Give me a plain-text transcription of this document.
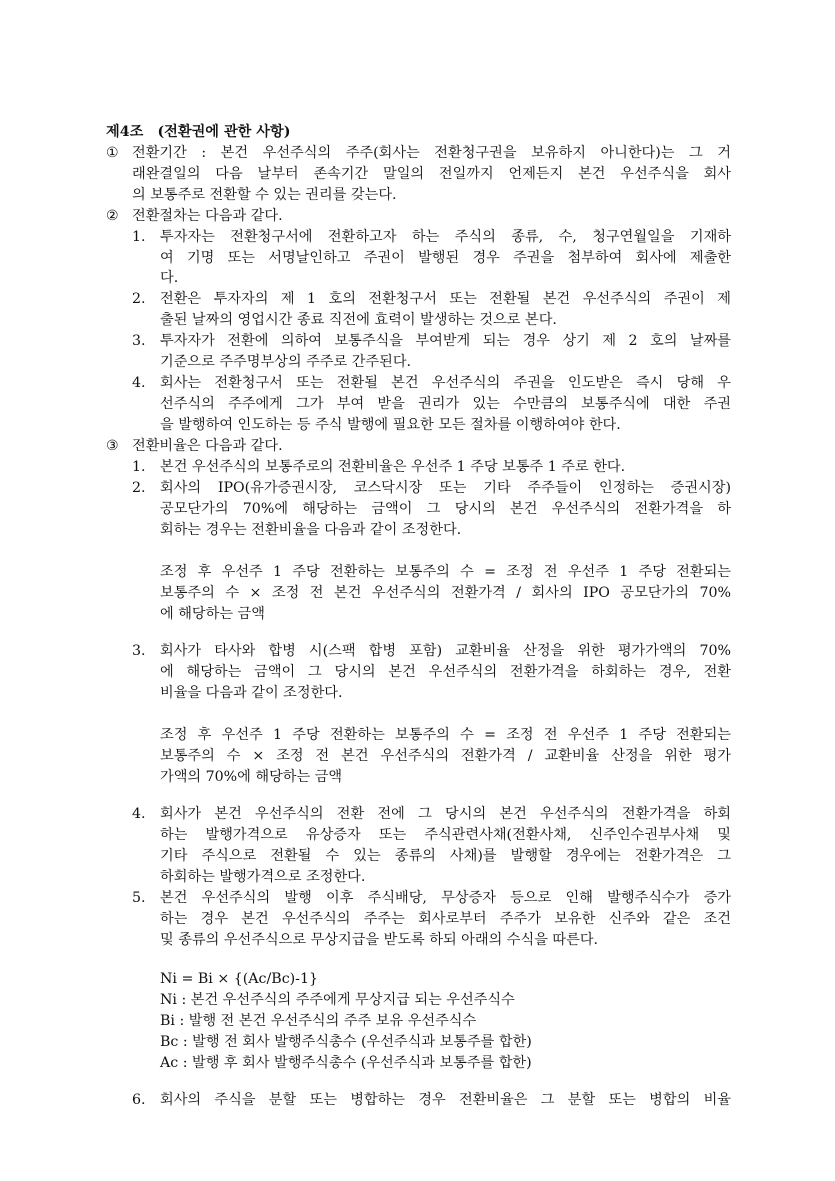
제4조　(전환권에 관한 사항)
① 전환기간 : 본건 우선주식의 주주(회사는 전환청구권을 보유하지 아니한다)는 그 거
래완결일의 다음 날부터 존속기간 말일의 전일까지 언제든지 본건 우선주식을 회사
의 보통주로 전환할 수 있는 권리를 갖는다.
② 전환절차는 다음과 같다.
1. 투자자는 전환청구서에 전환하고자 하는 주식의 종류, 수, 청구연월일을 기재하
여 기명 또는 서명날인하고 주권이 발행된 경우 주권을 첨부하여 회사에 제출한
다.
2. 전환은 투자자의 제 1 호의 전환청구서 또는 전환될 본건 우선주식의 주권이 제
출된 날짜의 영업시간 종료 직전에 효력이 발생하는 것으로 본다.
3. 투자자가 전환에 의하여 보통주식을 부여받게 되는 경우 상기 제 2 호의 날짜를
기준으로 주주명부상의 주주로 간주된다.
4. 회사는 전환청구서 또는 전환될 본건 우선주식의 주권을 인도받은 즉시 당해 우
선주식의 주주에게 그가 부여 받을 권리가 있는 수만큼의 보통주식에 대한 주권
을 발행하여 인도하는 등 주식 발행에 필요한 모든 절차를 이행하여야 한다.
③ 전환비율은 다음과 같다.
1. 본건 우선주식의 보통주로의 전환비율은 우선주 1 주당 보통주 1 주로 한다.
2. 회사의 IPO(유가증권시장, 코스닥시장 또는 기타 주주들이 인정하는 증권시장)
공모단가의 70%에 해당하는 금액이 그 당시의 본건 우선주식의 전환가격을 하
회하는 경우는 전환비율을 다음과 같이 조정한다.
조정 후 우선주 1 주당 전환하는 보통주의 수 = 조정 전 우선주 1 주당 전환되는
보통주의 수 × 조정 전 본건 우선주식의 전환가격 / 회사의 IPO 공모단가의 70%
에 해당하는 금액
3. 회사가 타사와 합병 시(스팩 합병 포함) 교환비율 산정을 위한 평가가액의 70%
에 해당하는 금액이 그 당시의 본건 우선주식의 전환가격을 하회하는 경우, 전환
비율을 다음과 같이 조정한다.
조정 후 우선주 1 주당 전환하는 보통주의 수 = 조정 전 우선주 1 주당 전환되는
보통주의 수 × 조정 전 본건 우선주식의 전환가격 / 교환비율 산정을 위한 평가
가액의 70%에 해당하는 금액
4. 회사가 본건 우선주식의 전환 전에 그 당시의 본건 우선주식의 전환가격을 하회
하는 발행가격으로 유상증자 또는 주식관련사채(전환사채, 신주인수권부사채 및
기타 주식으로 전환될 수 있는 종류의 사채)를 발행할 경우에는 전환가격은 그
하회하는 발행가격으로 조정한다.
5. 본건 우선주식의 발행 이후 주식배당, 무상증자 등으로 인해 발행주식수가 증가
하는 경우 본건 우선주식의 주주는 회사로부터 주주가 보유한 신주와 같은 조건
및 종류의 우선주식으로 무상지급을 받도록 하되 아래의 수식을 따른다.
Ni = Bi × {(Ac/Bc)-1}
Ni : 본건 우선주식의 주주에게 무상지급 되는 우선주식수
Bi : 발행 전 본건 우선주식의 주주 보유 우선주식수
Bc : 발행 전 회사 발행주식총수 (우선주식과 보통주를 합한)
Ac : 발행 후 회사 발행주식총수 (우선주식과 보통주를 합한)
6. 회사의 주식을 분할 또는 병합하는 경우 전환비율은 그 분할 또는 병합의 비율
